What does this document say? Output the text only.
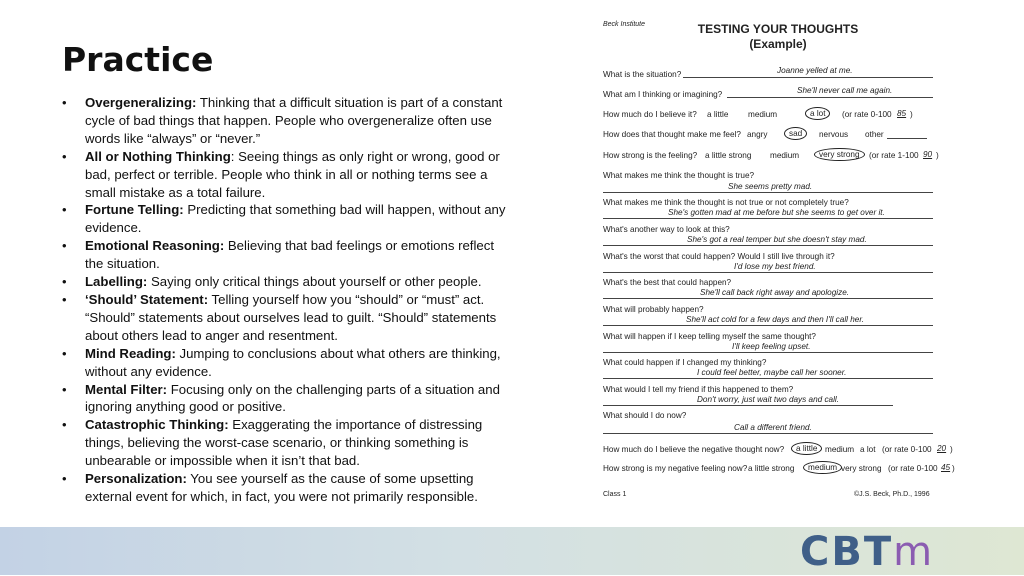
Practice
• Overgeneralizing: Thinking that a difficult situation is part of a constant cycle of bad things that happen. People who overgeneralize often use words like “always” or “never.”
• All or Nothing Thinking: Seeing things as only right or wrong, good or bad, perfect or terrible. People who think in all or nothing terms see a small mistake as a total failure.
• Fortune Telling: Predicting that something bad will happen, without any evidence.
• Emotional Reasoning: Believing that bad feelings or emotions reflect the situation.
• Labelling: Saying only critical things about yourself or other people.
• ‘Should’ Statement: Telling yourself how you “should” or “must” act. “Should” statements about ourselves lead to guilt. “Should” statements about others lead to anger and resentment.
• Mind Reading: Jumping to conclusions about what others are thinking, without any evidence.
• Mental Filter: Focusing only on the challenging parts of a situation and ignoring anything good or positive.
• Catastrophic Thinking: Exaggerating the importance of distressing things, believing the worst-case scenario, or thinking something is unbearable or impossible when it isn’t that bad.
• Personalization: You see yourself as the cause of some upsetting external event for which, in fact, you were not primarily responsible.
Beck Institute	TESTING YOUR THOUGHTS
(Example)
What is the situation?	Joanne yelled at me.
What am I thinking or imagining?	She'll never call me again.
How much do I believe it? a little medium	a lot	(or rate 0-100 85 )
How does that thought make me feel? angry	sad	nervous other
How strong is the feeling? a little strong medium very strong	(or rate 1-100 90 )
What makes me think the thought is true?
She seems pretty mad.
What makes me think the thought is not true or not completely true?
She's gotten mad at me before but she seems to get over it.
What's another way to look at this?
She's got a real temper but she doesn't stay mad.
What's the worst that could happen? Would I still live through it?
I'd lose my best friend.
What's the best that could happen?
She'll call back right away and apologize.
What will probably happen?
She'll act cold for a few days and then I'll call her.
What will happen if I keep telling myself the same thought?
I'll keep feeling upset.
What could happen if I changed my thinking?
I could feel better, maybe call her sooner.
What would I tell my friend if this happened to them?
Don't worry, just wait two days and call.
What should I do now?
Call a different friend.
How much do I believe the negative thought now? a little medium a lot (or rate 0-100 20 )
How strong is my negative feeling now? a little strong medium very strong (or rate 0-100 45 )
Class 1	©J.S. Beck, Ph.D., 1996
CBTm
